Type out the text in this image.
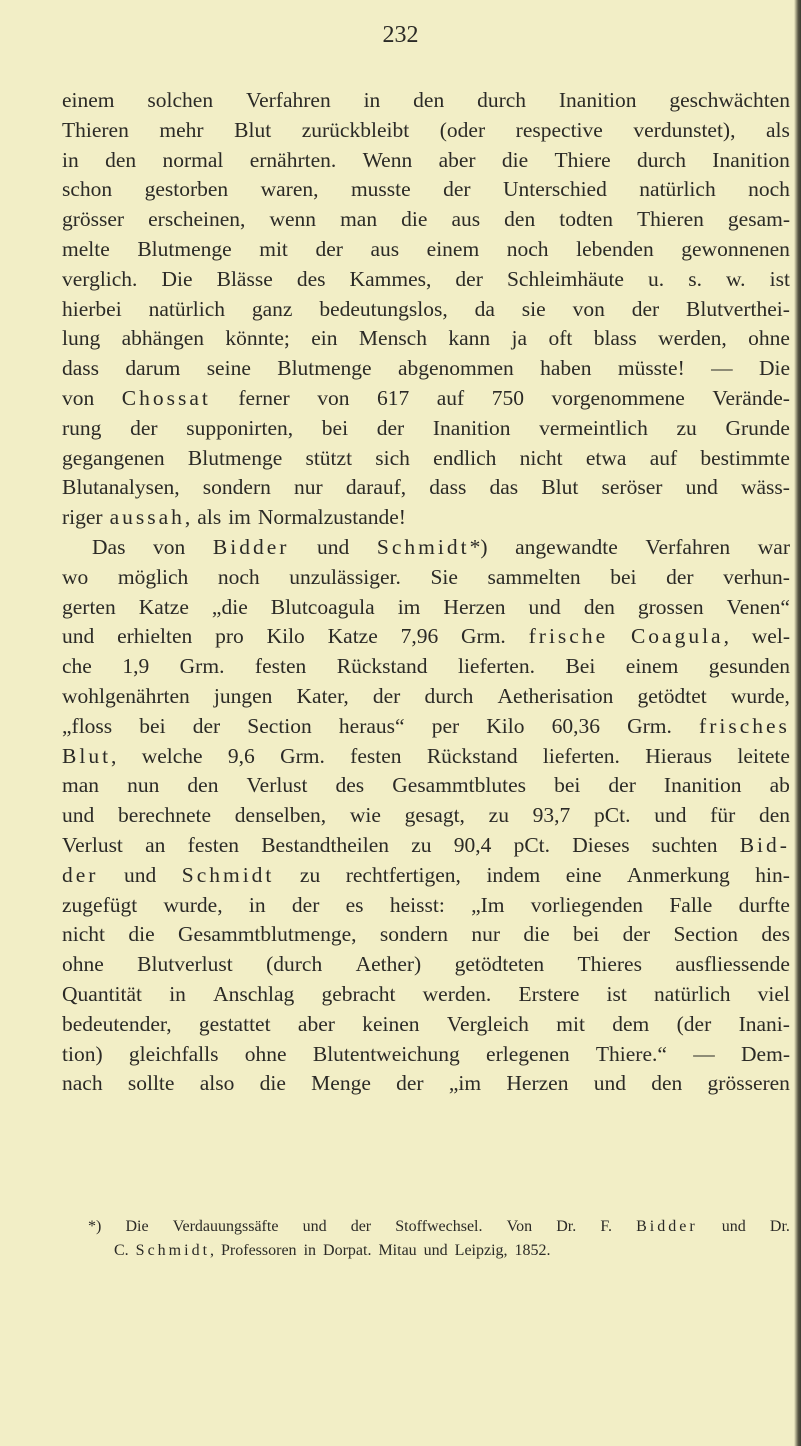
232
einem solchen Verfahren in den durch Inanition geschwächten
Thieren mehr Blut zurückbleibt (oder respective verdunstet), als
in den normal ernährten. Wenn aber die Thiere durch Inanition
schon gestorben waren, musste der Unterschied natürlich noch
grösser erscheinen, wenn man die aus den todten Thieren gesam-
melte Blutmenge mit der aus einem noch lebenden gewonnenen
verglich. Die Blässe des Kammes, der Schleimhäute u. s. w. ist
hierbei natürlich ganz bedeutungslos, da sie von der Blutverthei-
lung abhängen könnte; ein Mensch kann ja oft blass werden, ohne
dass darum seine Blutmenge abgenommen haben müsste! — Die
von Chossat ferner von 617 auf 750 vorgenommene Verände-
rung der supponirten, bei der Inanition vermeintlich zu Grunde
gegangenen Blutmenge stützt sich endlich nicht etwa auf bestimmte
Blutanalysen, sondern nur darauf, dass das Blut seröser und wäss-
riger aussah, als im Normalzustande!
Das von Bidder und Schmidt*) angewandte Verfahren war
wo möglich noch unzulässiger. Sie sammelten bei der verhun-
gerten Katze „die Blutcoagula im Herzen und den grossen Venen“
und erhielten pro Kilo Katze 7,96 Grm. frische Coagula, wel-
che 1,9 Grm. festen Rückstand lieferten. Bei einem gesunden
wohlgenährten jungen Kater, der durch Aetherisation getödtet wurde,
„floss bei der Section heraus“ per Kilo 60,36 Grm. frisches
Blut, welche 9,6 Grm. festen Rückstand lieferten. Hieraus leitete
man nun den Verlust des Gesammtblutes bei der Inanition ab
und berechnete denselben, wie gesagt, zu 93,7 pCt. und für den
Verlust an festen Bestandtheilen zu 90,4 pCt. Dieses suchten Bid-
der und Schmidt zu rechtfertigen, indem eine Anmerkung hin-
zugefügt wurde, in der es heisst: „Im vorliegenden Falle durfte
nicht die Gesammtblutmenge, sondern nur die bei der Section des
ohne Blutverlust (durch Aether) getödteten Thieres ausfliessende
Quantität in Anschlag gebracht werden. Erstere ist natürlich viel
bedeutender, gestattet aber keinen Vergleich mit dem (der Inani-
tion) gleichfalls ohne Blutentweichung erlegenen Thiere.“ — Dem-
nach sollte also die Menge der „im Herzen und den grösseren
*) Die Verdauungssäfte und der Stoffwechsel. Von Dr. F. Bidder und Dr.
C. Schmidt, Professoren in Dorpat. Mitau und Leipzig, 1852.
